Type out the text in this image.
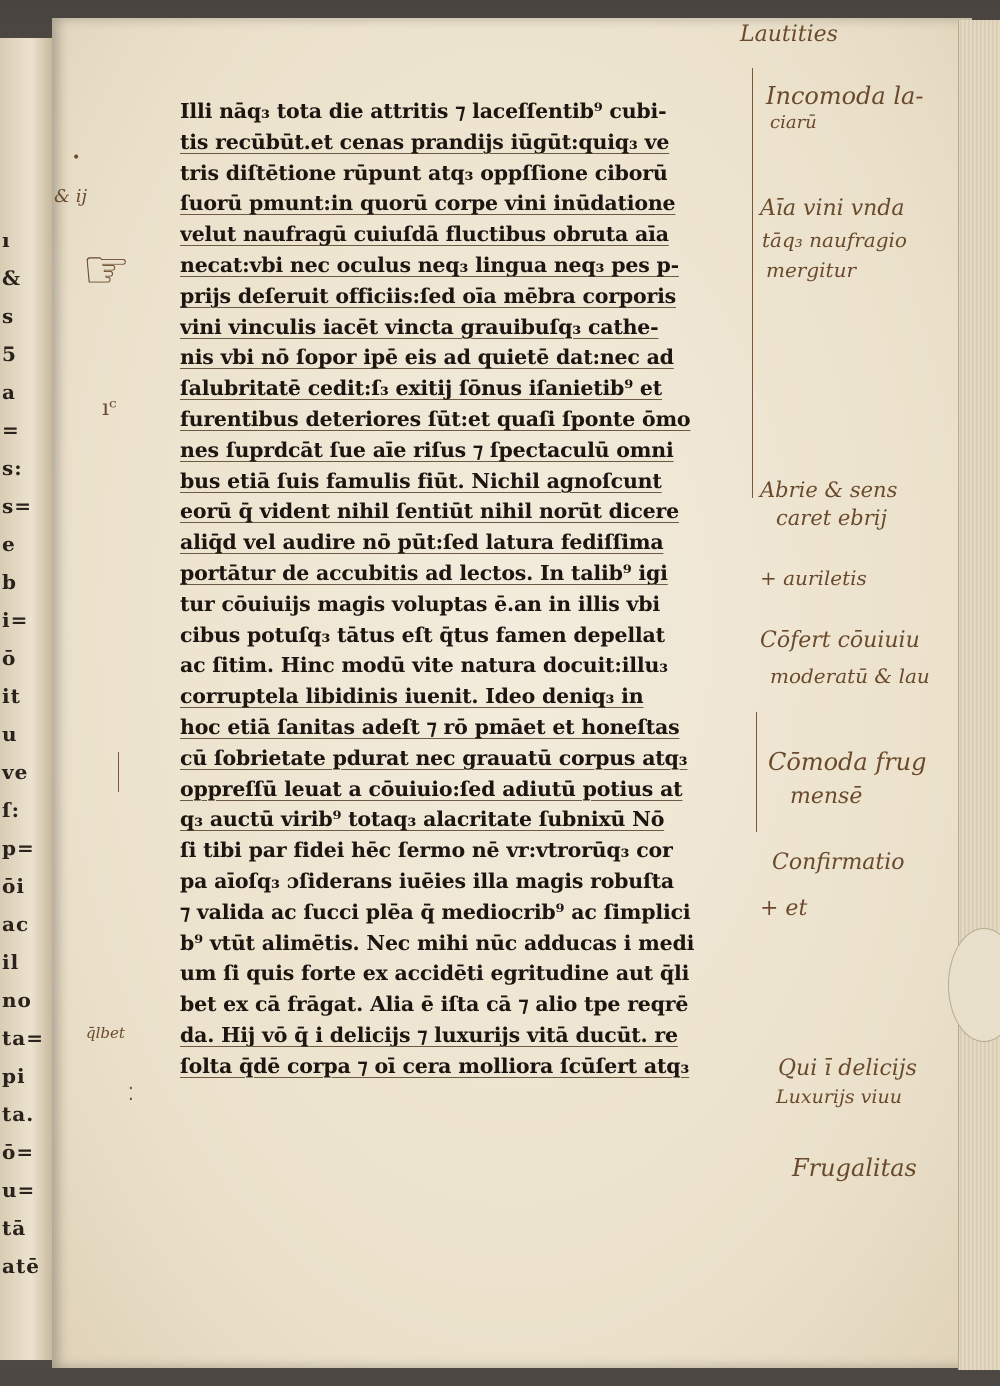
ı
&
s
5
a
=
s:
s=
e
b
i=
ō
it
u
ve
ſ:
p=
ōi
ac
il
no
ta=
pi
ta.
ō=
u=
tā
atē
Illi nāq₃ tota die attritis ⁊ laceſſentib⁹ cubi-
tis recūbūt.et cenas prandijs iūgūt:quiq₃ ve
tris diſtētione rūpunt atq₃ oppſſione ciborū
ſuorū pmunt:in quorū corpe vini inūdatione
velut naufragū cuiuſdā fluctibus obruta aīa
necat:vbi nec oculus neq₃ lingua neq₃ pes p-
prijs deſeruit officiis:ſed oīa mēbra corporis
vini vinculis iacēt vincta grauibuſq₃ cathe-
nis vbi nō ſopor ipē eis ad quietē dat:nec ad
ſalubritatē cedit:ſ₃ exitij ſōnus iſanietib⁹ et
furentibus deteriores ſūt:et quaſi ſponte ōmo
nes ſuprdcāt ſue aīe riſus ⁊ ſpectaculū omni
bus etiā ſuis famulis fiūt. Nichil agnoſcunt
eorū q̄ vident nihil ſentiūt nihil norūt dicere
aliq̄d vel audire nō pūt:ſed latura fediſſima
portātur de accubitis ad lectos. In talib⁹ igi
tur cōuiuijs magis voluptas ē.an in illis vbi
cibus potuſq₃ tātus eſt q̄tus famen depellat
ac ſitim. Hinc modū vite natura docuit:illu₃
corruptela libidinis iuenit. Ideo deniq₃ in
hoc etiā ſanitas adeſt ⁊ rō pmāet et honeſtas
cū ſobrietate pdurat nec grauatū corpus atq₃
oppreſſū leuat a cōuiuio:ſed adiutū potius at
q₃ auctū virib⁹ totaq₃ alacritate ſubnixū Nō
ſi tibi par fidei hēc ſermo nē vr:vtrorūq₃ cor
pa aīoſq₃ ɔſiderans iuēies illa magis robuſta
⁊ valida ac ſucci plēa q̄ mediocrib⁹ ac ſimplici
b⁹ vtūt alimētis. Nec mihi nūc adducas i medi
um ſi quis forte ex accidēti egritudine aut q̄li
bet ex cā frāgat. Alia ē iſta cā ⁊ alio tpe reqrē
da. Hij vō q̄ i delicijs ⁊ luxurijs vitā ducūt. re
ſolta q̄dē corpa ⁊ oī cera molliora ſcūſert atq₃
Lautities
Incomoda la-
ciarū
Aīa vini vnda
tāq₃ naufragio
mergitur
Abrie & sens
caret ebrij
+ auriletis
Cōfert cōuiuiu
moderatū & lau
Cōmoda frug
mensē
Confirmatio
+ et
Qui ī delicijs
Luxurijs viuu
Frugalitas
& ij
q̄lbet
☞
ıᶜ
⁚
•
